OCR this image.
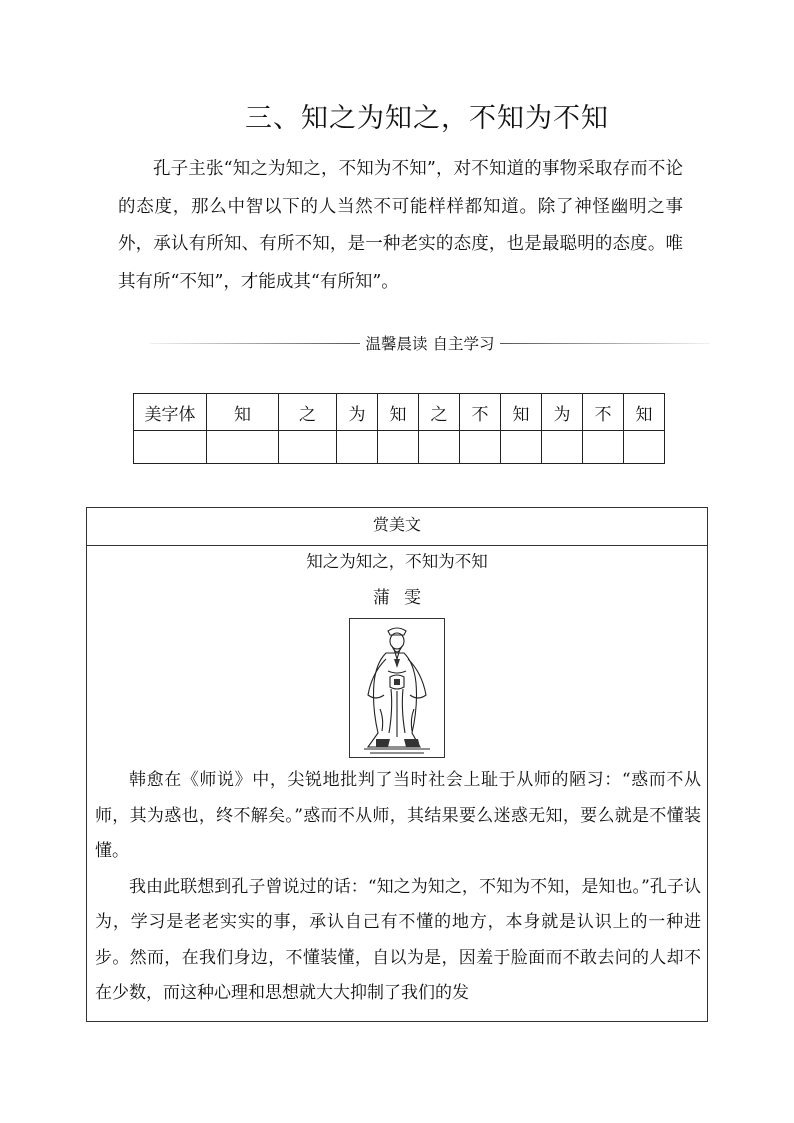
三、知之为知之，不知为不知
孔子主张“知之为知之，不知为不知”，对不知道的事物采取存而不论的态度，那么中智以下的人当然不可能样样都知道。除了神怪幽明之事外，承认有所知、有所不知，是一种老实的态度，也是最聪明的态度。唯其有所“不知”，才能成其“有所知”。
温馨晨读 自主学习
美字体	知	之	为	知	之	不	知	为	不	知

赏美文
知之为知之，不知为不知
蒲雯

韩愈在《师说》中，尖锐地批判了当时社会上耻于从师的陋习：“惑而不从师，其为惑也，终不解矣。”惑而不从师，其结果要么迷惑无知，要么就是不懂装懂。

我由此联想到孔子曾说过的话：“知之为知之，不知为不知，是知也。”孔子认为，学习是老老实实的事，承认自己有不懂的地方，本身就是认识上的一种进步。然而，在我们身边，不懂装懂，自以为是，因羞于脸面而不敢去问的人却不在少数，而这种心理和思想就大大抑制了我们的发
